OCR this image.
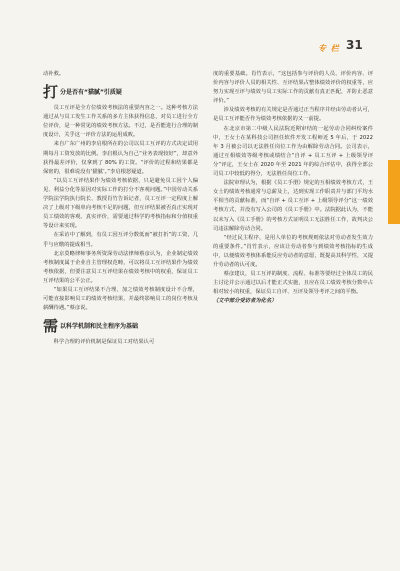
专 栏 31

动补救。

打 分是否有“猫腻”引质疑

员工互评是全方位绩效考核法的重要内容之一。这种考核方法通过从与员工发生工作关系的多方主体获得信息，对员工进行全方位评价，是一种常见的绩效考核方法。不过，是否能进行合理的制度设计，关乎这一评价方法的运用成败。

来自广东广州的李启根所在的公司以员工互评的方式决定试用期每月工资发放的比例。李启根认为自己“业务表现较好”，却意外获得最差评价，仅拿到了 80% 的工资。“评价的过程和结果都是保密的，很难说没有‘猫腻’。”李启根怒疑道。

“以员工互评结果作为绩效考核依据，只是避免员工因个人偏见、利益分化等原因对实际工作的打分不客观问题。”中国劳动关系学院法学院执行院长、教授肖竹告诉记者，员工互评一定程度上解决了上级对下级单向考核不足的问题，但互评结果被否真正实现对员工绩效的客观、真实评价，需要通过科学的考核指标和分值权重等设计来实现。

在采访中了解到，有员工因互评分数低而“被打折”的工资，几乎与应缴的提成相当。

北京莫略律师事务所资深劳动法律师蔡彦认为，企业制定绩效考核制度属于企业自主管理权范畴，可以将员工互评结果作为绩效考核依据，但要注意员工互评结果在绩效考核中的权重，保证员工互评结果的公平公正。

“如果员工互评结果不合理，加之绩效考核制度设计不合理，可能直接影响员工的绩效考核结果，并最终影响员工的岗位考核及薪酬待遇。”蔡彦说。

需 以科学机制和民主程序为基础

科学合理的评价机制是保证员工对结果认可

度的重要基础。肖竹表示，“这包括参与评价的人员、评价内容、评价内容与评价人员的相关性、互评结果占整体绩效评价的权重等，应努力实现互评与绩效与员工实际工作的贡献有真正匹配，并防止恶意评价。”

涉及绩效考核的有关规定是否通过正当程序并经由劳动者认可，是员工互评能否作为绩效考核依据的又一前提。

在北京市第二中级人民法院近期审结的一起劳动合同纠纷案件中，王女士在某科技公司担任软件开发工程师近 5 年后，于 2022 年 3 月被公司以无法胜任岗位工作为由解除劳动合同。公司表示，通过互相绩效等级考核或绩结合“自评 + 员工互评 + 上级领导评分”评定，王女士在 2020 年至 2021 年的综合评估中，获得全部公司员工中较低的得分，无法胜任岗位工作。

法院审理认为，根据《员工手册》规定的互相绩效考核方式，王女士的绩效考核通常与总薪及上，达到实现工作职责并与部门平均水平相当的贡献标准，而“自评 + 员工互评 + 上级领导评分”这一绩效考核方式，并没有写入公司的《员工手册》中。法院据此认为，不能以未写入《员工手册》的考核方式证明员工无法胜任工作，故判决公司违法解除劳动合同。

“经过民主程序，是用人单位的考核规则依法对劳动者发生效力的重要条件。”肖竹表示，应该让劳动者参与到绩效考核指标的生成中，以便绩效考核体系能反应劳动者的意愿，既提高其科学性，又提升劳动者的认可度。

蔡彦建议，员工互评的制度、流程、标准等要经过全体员工的民主讨论并公示通过以后才能正式实施，且应在员工绩效考核分数中占相对较小的权重，保证员工自评、互评及领导考评之间的平衡。

（文中部分受访者为化名）
